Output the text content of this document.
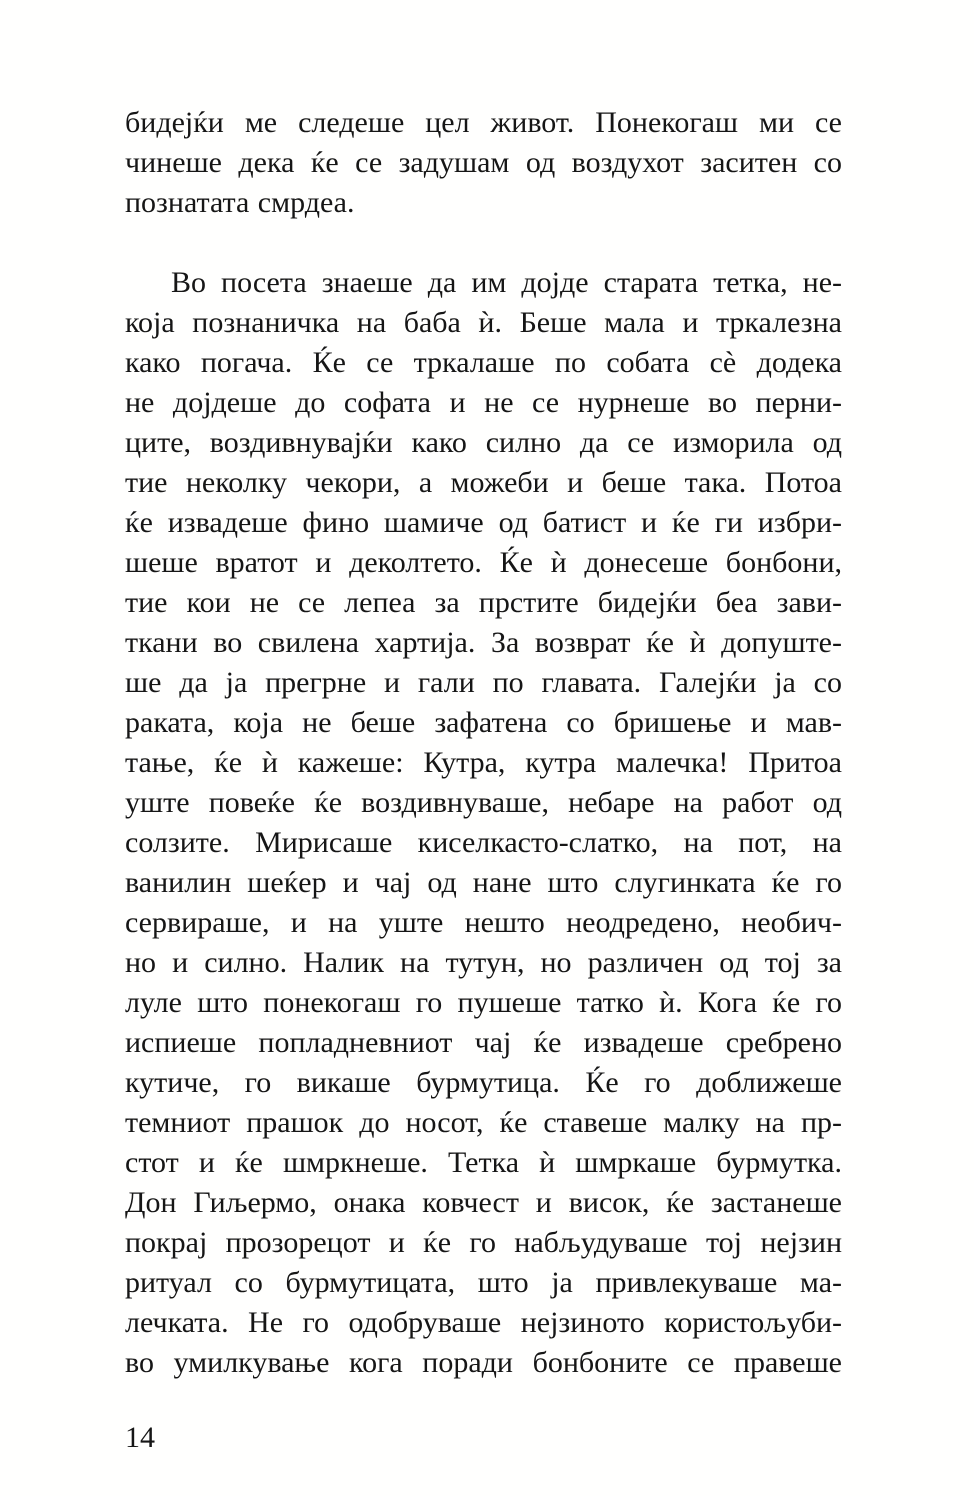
бидејќи ме следеше цел живот. Понекогаш ми се
чинеше дека ќе се задушам од воздухот заситен со
познатата смрдеа.
Во посета знаеше да им дојде старата тетка, не-
која познаничка на баба ѝ. Беше мала и тркалезна
како погача. Ќе се тркалаше по собата сѐ додека
не дојдеше до софата и не се нурнеше во перни-
ците, воздивнувајќи како силно да се изморила од
тие неколку чекори, а можеби и беше така. Потоа
ќе извадеше фино шамиче од батист и ќе ги избри-
шеше вратот и деколтето. Ќе ѝ донесеше бонбони,
тие кои не се лепеа за прстите бидејќи беа зави-
ткани во свилена хартија. За возврат ќе ѝ допуште-
ше да ја прегрне и гали по главата. Галејќи ја со
раката, која не беше зафатена со бришење и мав-
тање, ќе ѝ кажеше: Кутра, кутра малечка! Притоа
уште повеќе ќе воздивнуваше, небаре на работ од
солзите. Мирисаше киселкасто-слатко, на пот, на
ванилин шеќер и чај од нане што слугинката ќе го
сервираше, и на уште нешто неодредено, необич-
но и силно. Налик на тутун, но различен од тој за
луле што понекогаш го пушеше татко ѝ. Кога ќе го
испиеше попладневниот чај ќе извадеше сребрено
кутиче, го викаше бурмутица. Ќе го доближеше
темниот прашок до носот, ќе ставеше малку на пр-
стот и ќе шмркнеше. Тетка ѝ шмркаше бурмутка.
Дон Гиљермо, онака ковчест и висок, ќе застанеше
покрај прозорецот и ќе го набљудуваше тој нејзин
ритуал со бурмутицата, што ја привлекуваше ма-
лечката. Не го одобруваше нејзиното користољуби-
во умилкување кога поради бонбоните се правеше
14
